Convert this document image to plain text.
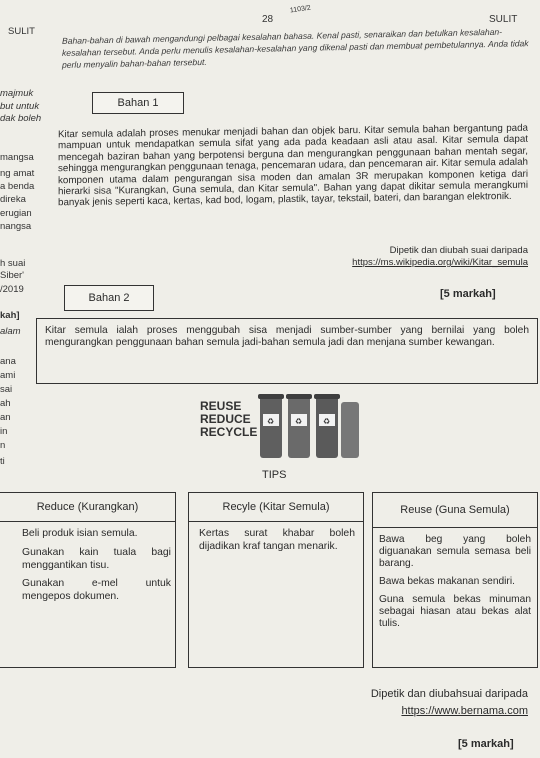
1103/2
28	SULIT
SULIT	Bahan-bahan di bawah mengandungi pelbagai kesalahan bahasa. Kenal pasti, senaraikan dan betulkan kesalahan-kesalahan tersebut. Anda perlu menulis kesalahan-kesalahan yang dikenal pasti dan membuat pembetulannya. Anda tidak perlu menyalin bahan-bahan tersebut.
majmuk
but untuk
dak boleh
mangsa
ng amat
a benda
direka
erugian
nangsa
h suai
Siber'
/2019
kah]
alam
ana
ami
sai
ah
an
in
n
ti
Bahan 1
Kitar semula adalah proses menukar menjadi bahan dan objek baru. Kitar semula bahan bergantung pada mampuan untuk mendapatkan semula sifat yang ada pada keadaan asli atau asal. Kitar semula dapat mencegah baziran bahan yang berpotensi berguna dan mengurangkan penggunaan bahan mentah segar, sehingga mengurangkan penggunaan tenaga, pencemaran udara, dan pencemaran air. Kitar semula adalah komponen utama dalam pengurangan sisa moden dan amalan 3R merupakan komponen ketiga dari hierarki sisa "Kurangkan, Guna semula, dan Kitar semula". Bahan yang dapat dikitar semula merangkumi banyak jenis seperti kaca, kertas, kad bod, logam, plastik, tayar, tekstail, bateri, dan barangan elektronik.
Dipetik dan diubah suai daripada
https://ms.wikipedia.org/wiki/Kitar_semula
[5 markah]
Bahan 2
Kitar semula ialah proses menggubah sisa menjadi sumber-sumber yang bernilai yang boleh mengurangkan penggunaan bahan semula jadi-bahan semula jadi dan menjana sumber kewangan.
REUSE
REDUCE
RECYCLE
♻	♻	♻
TIPS
Reduce (Kurangkan)

Beli produk isian semula.

Gunakan kain tuala bagi menggantikan tisu.

Gunakan e-mel untuk mengepos dokumen.

Recyle (Kitar Semula)

Kertas surat khabar boleh dijadikan kraf tangan menarik.

Reuse (Guna Semula)

Bawa beg yang boleh diguanakan semula semasa beli barang.

Bawa bekas makanan sendiri.

Guna semula bekas minuman sebagai hiasan atau bekas alat tulis.

Dipetik dan diubahsuai daripada
https://www.bernama.com
[5 markah]
